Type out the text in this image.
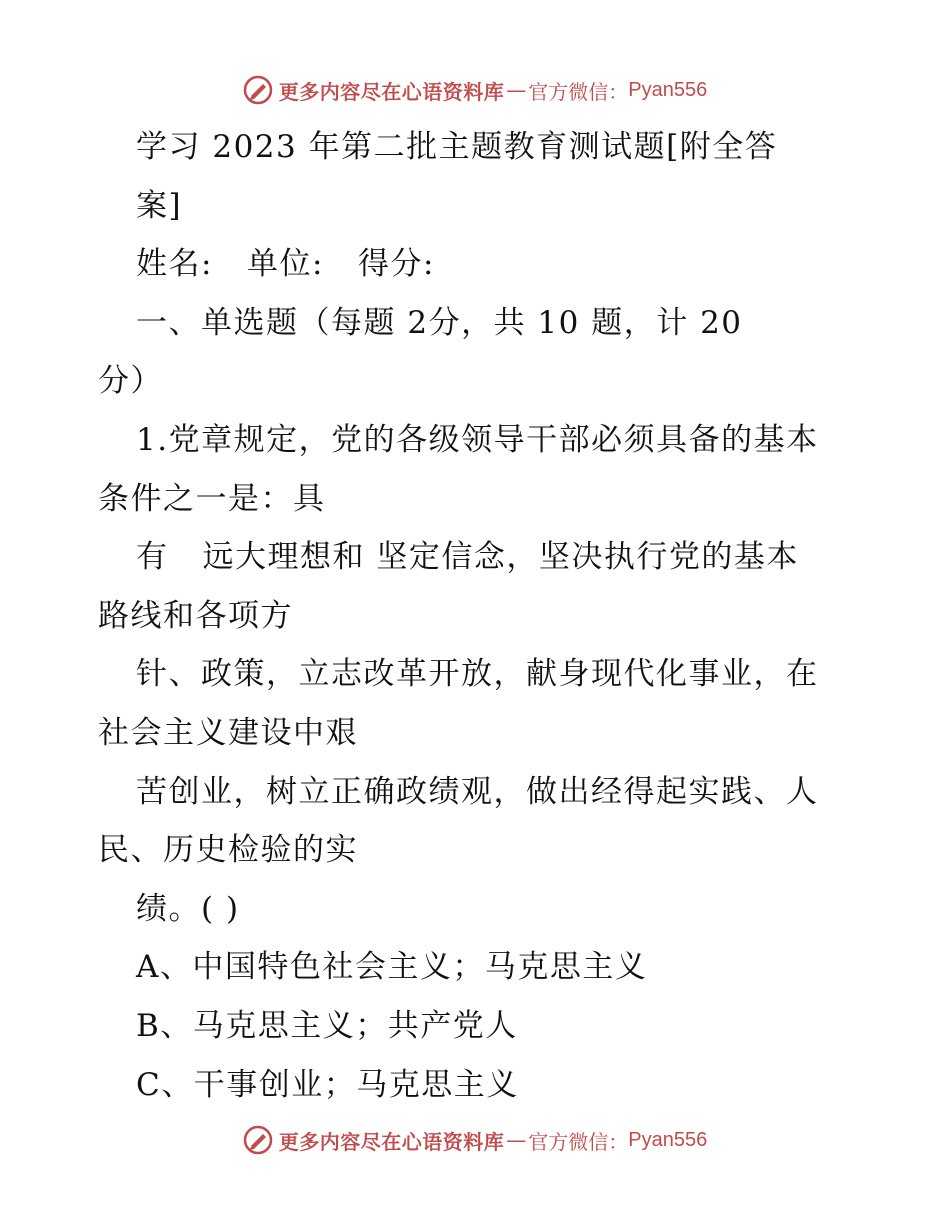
更多内容尽在心语资料库 — 官方微信： Pyan556
学习 2023 年第二批主题教育测试题[附全答
案]
姓名:   单位:   得分:
一、单选题（每题 2分，共 10 题，计 20
分）
1.党章规定，党的各级领导干部必须具备的基本
条件之一是：具
有   远大理想和 坚定信念，坚决执行党的基本
路线和各项方
针、政策，立志改革开放，献身现代化事业，在
社会主义建设中艰
苦创业，树立正确政绩观，做出经得起实践、人
民、历史检验的实
绩。( )
A、中国特色社会主义；马克思主义
B、马克思主义；共产党人
C、干事创业；马克思主义
更多内容尽在心语资料库 — 官方微信： Pyan556
